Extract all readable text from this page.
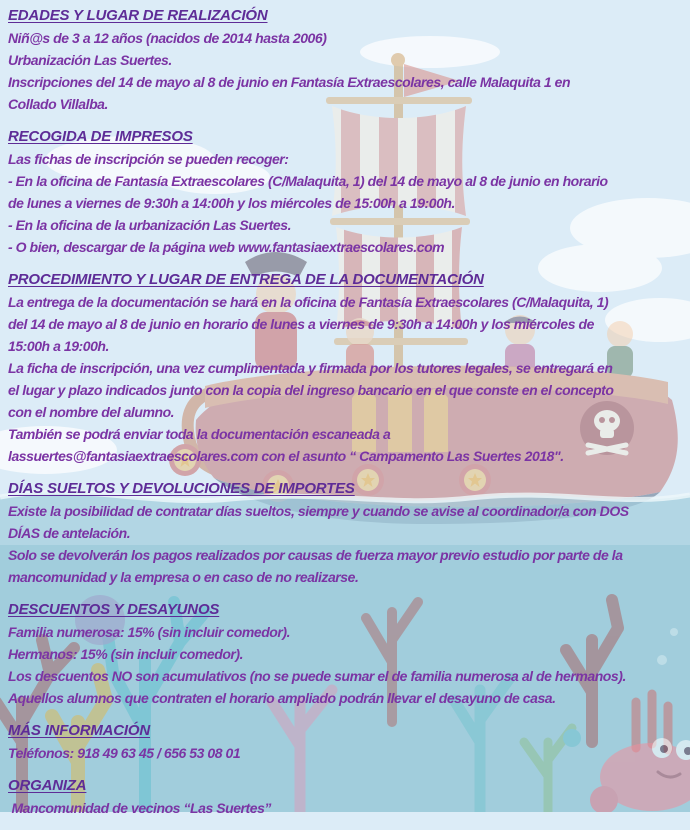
EDADES Y LUGAR DE REALIZACIÓN
Niñ@s de 3 a 12 años (nacidos de 2014 hasta 2006)
Urbanización Las Suertes.
Inscripciones del 14 de mayo al 8 de junio en Fantasía Extraescolares, calle Malaquita 1 en
Collado Villalba.
RECOGIDA DE IMPRESOS
Las fichas de inscripción se pueden recoger:
- En la oficina de Fantasía Extraescolares (C/Malaquita, 1) del 14 de mayo al 8 de junio en horario
de lunes a viernes de 9:30h a 14:00h y los miércoles de 15:00h a 19:00h.
- En la oficina de la urbanización Las Suertes.
- O bien, descargar de la página web www.fantasiaextraescolares.com
PROCEDIMIENTO Y LUGAR DE ENTREGA DE LA DOCUMENTACIÓN
La entrega de la documentación se hará en la oficina de Fantasía Extraescolares (C/Malaquita, 1)
del 14 de mayo al 8 de junio en horario de lunes a viernes de 9:30h a 14:00h y los miércoles de
15:00h a 19:00h.
La ficha de inscripción, una vez cumplimentada y firmada por los tutores legales, se entregará en
el lugar y plazo indicados junto con la copia del ingreso bancario en el que conste en el concepto
con el nombre del alumno.
También se podrá enviar toda la documentación escaneada a
lassuertes@fantasiaextraescolares.com con el asunto “ Campamento Las Suertes 2018".
DÍAS SUELTOS Y DEVOLUCIONES DE IMPORTES
Existe la posibilidad de contratar días sueltos, siempre y cuando se avise al coordinador/a con DOS
DÍAS de antelación.
Solo se devolverán los pagos realizados por causas de fuerza mayor previo estudio por parte de la
mancomunidad y la empresa o en caso de no realizarse.
DESCUENTOS Y DESAYUNOS
Familia numerosa: 15% (sin incluir comedor).
Hermanos: 15% (sin incluir comedor).
Los descuentos NO son acumulativos (no se puede sumar el de familia numerosa al de hermanos).
Aquellos alumnos que contraten el horario ampliado podrán llevar el desayuno de casa.
MÁS INFORMACIÓN
Teléfonos: 918 49 63 45 / 656 53 08 01
ORGANIZA
Mancomunidad de vecinos “Las Suertes”
